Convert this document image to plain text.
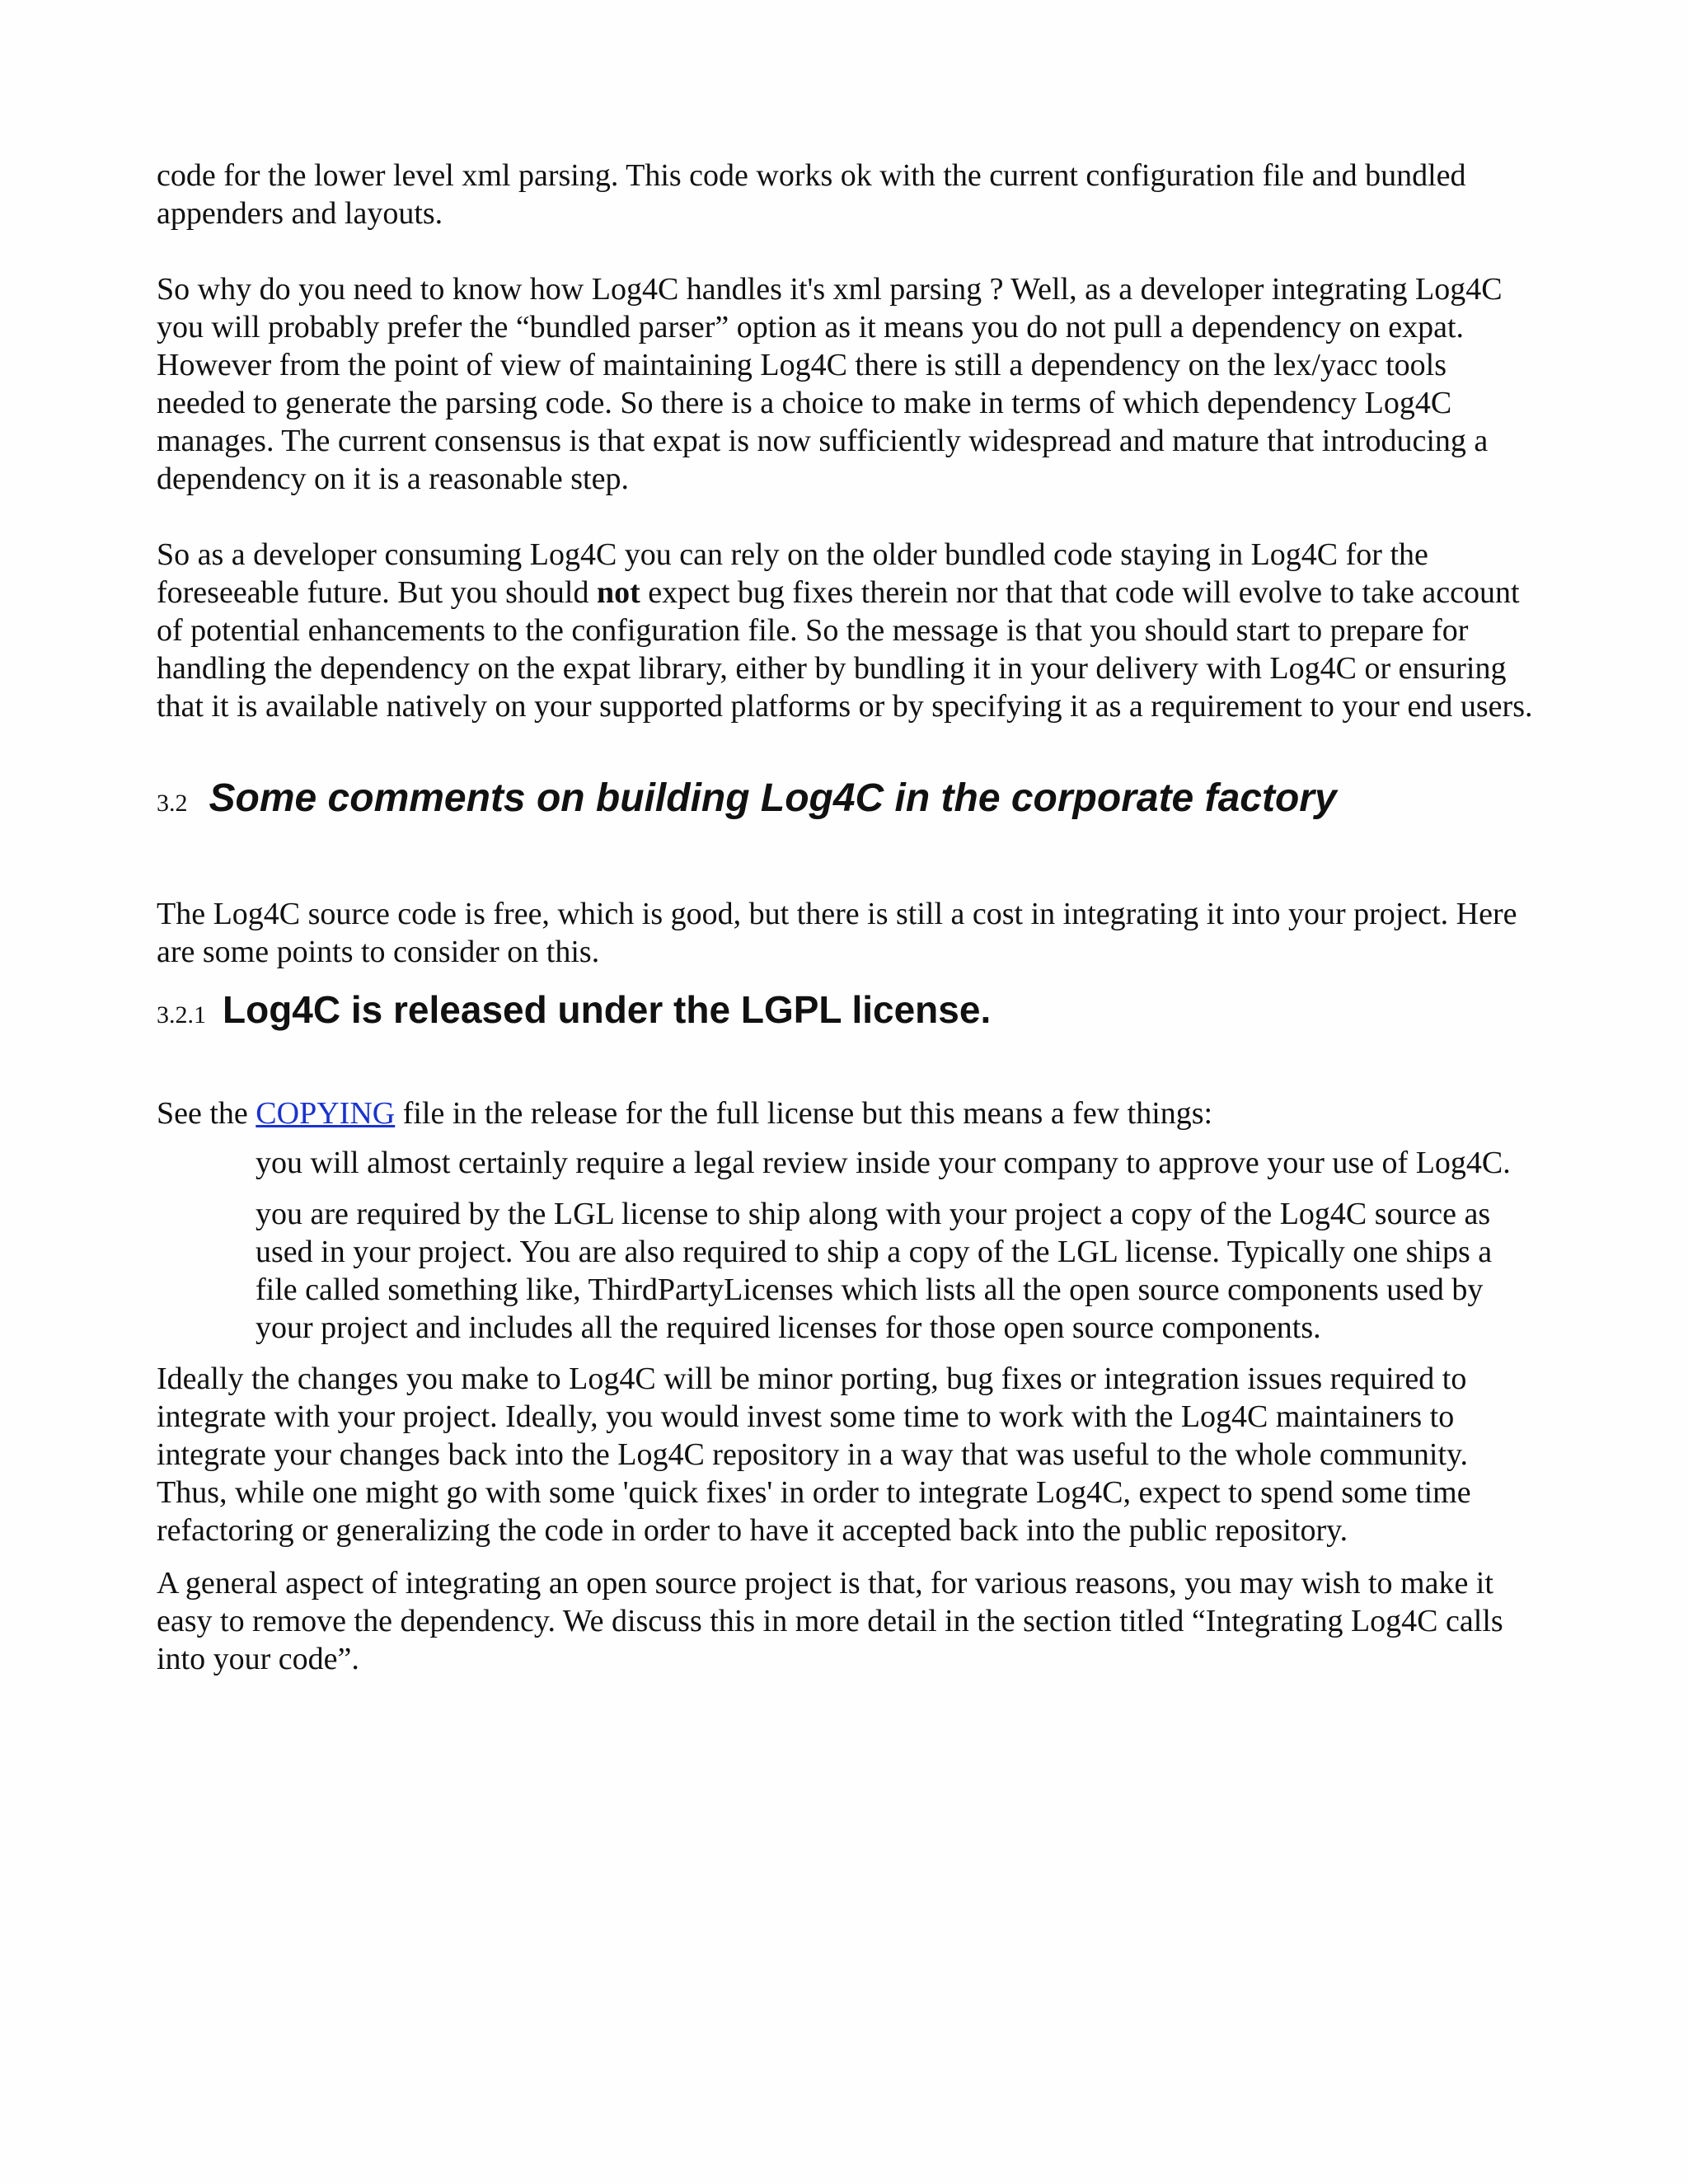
code for the lower level xml parsing. This code works ok with the current configuration file and bundled appenders and layouts.

So why do you need to know how Log4C handles it's xml parsing ? Well, as a developer integrating Log4C you will probably prefer the “bundled parser” option as it means you do not pull a dependency on expat. However from the point of view of maintaining Log4C there is still a dependency on the lex/yacc tools needed to generate the parsing code. So there is a choice to make in terms of which dependency Log4C manages. The current consensus is that expat is now sufficiently widespread and mature that introducing a dependency on it is a reasonable step.

So as a developer consuming Log4C you can rely on the older bundled code staying in Log4C for the foreseeable future. But you should not expect bug fixes therein nor that that code will evolve to take account of potential enhancements to the configuration file. So the message is that you should start to prepare for handling the dependency on the expat library, either by bundling it in your delivery with Log4C or ensuring that it is available natively on your supported platforms or by specifying it as a requirement to your end users.

3.2 Some comments on building Log4C in the corporate factory

The Log4C source code is free, which is good, but there is still a cost in integrating it into your project. Here are some points to consider on this.

3.2.1 Log4C is released under the LGPL license.

See the COPYING file in the release for the full license but this means a few things:

you will almost certainly require a legal review inside your company to approve your use of Log4C.

you are required by the LGL license to ship along with your project a copy of the Log4C source as used in your project. You are also required to ship a copy of the LGL license. Typically one ships a file called something like, ThirdPartyLicenses which lists all the open source components used by your project and includes all the required licenses for those open source components.

Ideally the changes you make to Log4C will be minor porting, bug fixes or integration issues required to integrate with your project. Ideally, you would invest some time to work with the Log4C maintainers to integrate your changes back into the Log4C repository in a way that was useful to the whole community. Thus, while one might go with some 'quick fixes' in order to integrate Log4C, expect to spend some time refactoring or generalizing the code in order to have it accepted back into the public repository.

A general aspect of integrating an open source project is that, for various reasons, you may wish to make it easy to remove the dependency. We discuss this in more detail in the section titled “Integrating Log4C calls into your code”.
